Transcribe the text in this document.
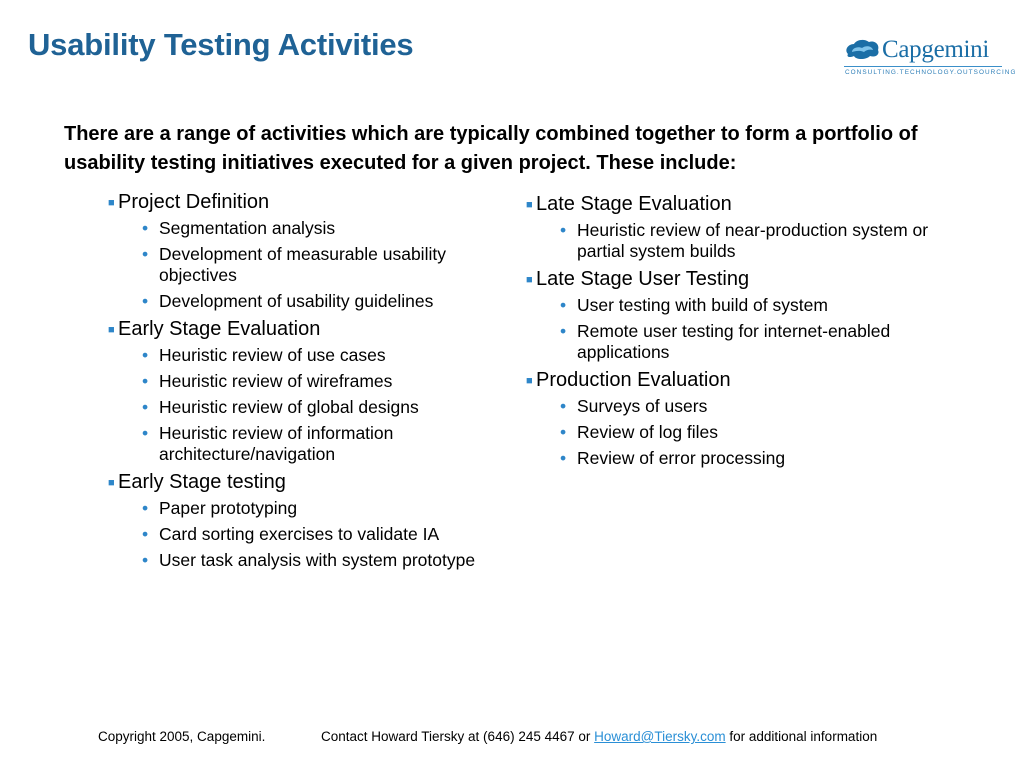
Usability Testing Activities	Capgemini
CONSULTING.TECHNOLOGY.OUTSOURCING
There are a range of activities which are typically combined together to form a portfolio of usability testing initiatives executed for a given project. These include:
■ Project Definition
• Segmentation analysis
• Development of measurable usability objectives
• Development of usability guidelines
■ Early Stage Evaluation
• Heuristic review of use cases
• Heuristic review of wireframes
• Heuristic review of global designs
• Heuristic review of information architecture/navigation
■ Early Stage testing
• Paper prototyping
• Card sorting exercises to validate IA
• User task analysis with system prototype
■ Late Stage Evaluation
• Heuristic review of near-production system or partial system builds
■ Late Stage User Testing
• User testing with build of system
• Remote user testing for internet-enabled applications
■ Production Evaluation
• Surveys of users
• Review of log files
• Review of error processing
Copyright 2005, Capgemini.	Contact Howard Tiersky at (646) 245 4467 or Howard@Tiersky.com for additional information
